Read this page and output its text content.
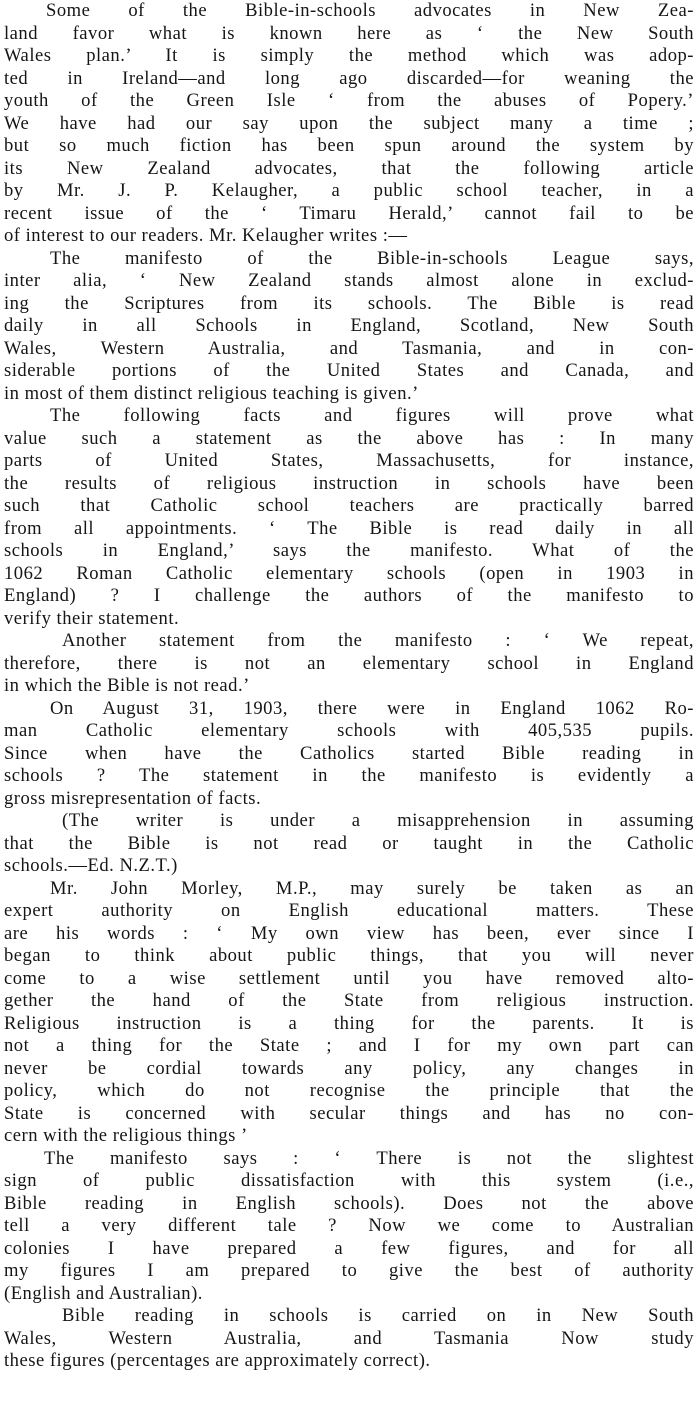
Some of the Bible-in-schools advocates in New Zea-
land favor what is known here as ‘ the New South
Wales plan.’ It is simply the method which was adop-
ted in Ireland—and long ago discarded—for weaning the
youth of the Green Isle ‘ from the abuses of Popery.’
We have had our say upon the subject many a time ;
but so much fiction has been spun around the system by
its New Zealand advocates, that the following article
by Mr. J. P. Kelaugher, a public school teacher, in a
recent issue of the ‘ Timaru Herald,’ cannot fail to be
of interest to our readers. Mr. Kelaugher writes :—
The manifesto of the Bible-in-schools League says,
inter alia, ‘ New Zealand stands almost alone in exclud-
ing the Scriptures from its schools. The Bible is read
daily in all Schools in England, Scotland, New South
Wales, Western Australia, and Tasmania, and in con-
siderable portions of the United States and Canada, and
in most of them distinct religious teaching is given.’
The following facts and figures will prove what
value such a statement as the above has : In many
parts of United States, Massachusetts, for instance,
the results of religious instruction in schools have been
such that Catholic school teachers are practically barred
from all appointments. ‘ The Bible is read daily in all
schools in England,’ says the manifesto. What of the
1062 Roman Catholic elementary schools (open in 1903 in
England) ? I challenge the authors of the manifesto to
verify their statement.
Another statement from the manifesto : ‘ We repeat,
therefore, there is not an elementary school in England
in which the Bible is not read.’
On August 31, 1903, there were in England 1062 Ro-
man Catholic elementary schools with 405,535 pupils.
Since when have the Catholics started Bible reading in
schools ? The statement in the manifesto is evidently a
gross misrepresentation of facts.
(The writer is under a misapprehension in assuming
that the Bible is not read or taught in the Catholic
schools.—Ed. N.Z.T.)
Mr. John Morley, M.P., may surely be taken as an
expert authority on English educational matters. These
are his words : ‘ My own view has been, ever since I
began to think about public things, that you will never
come to a wise settlement until you have removed alto-
gether the hand of the State from religious instruction.
Religious instruction is a thing for the parents. It is
not a thing for the State ; and I for my own part can
never be cordial towards any policy, any changes in
policy, which do not recognise the principle that the
State is concerned with secular things and has no con-
cern with the religious things ’
The manifesto says : ‘ There is not the slightest
sign of public dissatisfaction with this system (i.e.,
Bible reading in English schools). Does not the above
tell a very different tale ? Now we come to Australian
colonies I have prepared a few figures, and for all
my figures I am prepared to give the best of authority
(English and Australian).
Bible reading in schools is carried on in New South
Wales, Western Australia, and Tasmania Now study
these figures (percentages are approximately correct).
